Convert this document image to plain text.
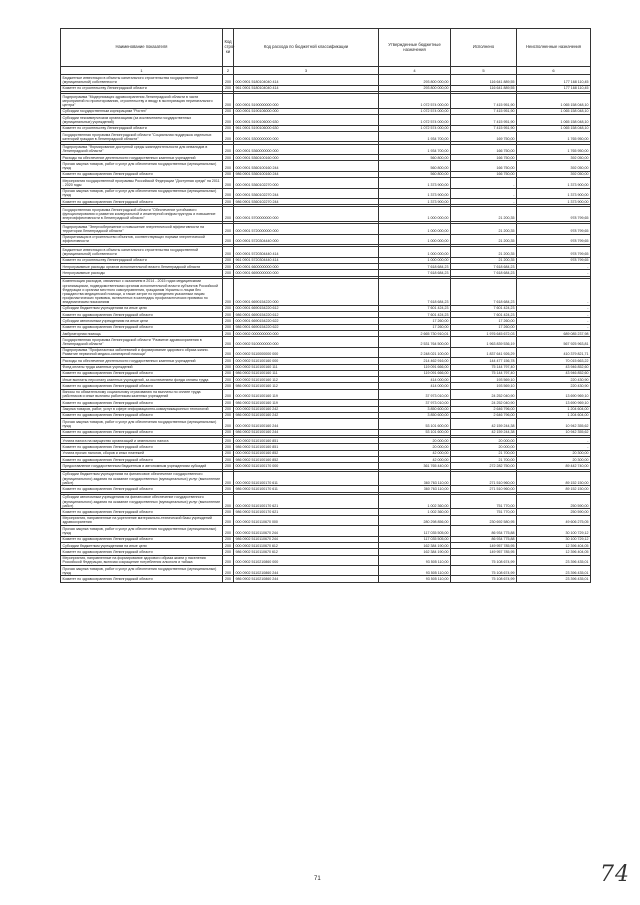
Наименование показателя	Код стро-ки	Код расхода по бюджетной классификации	Утвержденные бюджетные назначения	Исполнено	Неисполненные назначения
1	2	3	4	5	6
Бюджетные инвестиции в объекты капитального строительства государственной (муниципальной) собственности	200	000 0901 5180104040 414	293 800 000,00	116 641 889,55	177 168 110,45
Комитет по строительству Ленинградской области	200	961 0901 5180104040 414	293 800 000,00	116 641 889,55	177 168 110,45

Подпрограмма "Модернизация здравоохранения Ленинградской области в части мероприятий по проектированию, строительству и вводу в эксплуатацию перинатального центра"	200	000 0901 5190000000 000	1 072 574 000,00	7 415 951,90	1 065 158 048,10
Субсидии государственным корпорациям "Ростех"	200	000 0901 5190106000 000	1 072 574 000,00	7 415 951,90	1 065 158 048,10
Субсидии некоммерческим организациям (за исключением государственных (муниципальных) учреждений)	200	000 0901 5190106000 630	1 072 574 000,00	7 415 951,90	1 065 158 048,10
Комитет по строительству Ленинградской области	200	961 0901 5190106000 630	1 072 574 000,00	7 415 951,90	1 065 158 048,10
Государственная программа Ленинградской области "Социальная поддержка отдельных категорий граждан в Ленинградской области"	200	000 0901 5300000000 000	1 934 700,00	169 750,00	1 765 950,00

Подпрограмма "Формирование доступной среды жизнедеятельности для инвалидов в Ленинградской области"	200	000 0901 5360000000 000	1 934 700,00	166 750,00	1 765 950,00
Расходы на обеспечение деятельности государственных казенных учреждений	200	000 0901 5360100160 000	560 800,00	166 750,00	392 050,00
Прочая закупка товаров, работ и услуг для обеспечения государственных (муниципальных) нужд	200	000 0901 5360100160 244	560 800,00	166 750,00	392 050,00
Комитет по здравоохранению Ленинградской области	200	986 0901 5360100160 244	560 800,00	166 750,00	392 050,00
Мероприятия государственной программы Российской Федерации "Доступная среда" на 2011 - 2020 годы	200	000 0901 5360102270 000	1 373 900,00	-	1 373 900,00
Прочая закупка товаров, работ и услуг для обеспечения государственных (муниципальных) нужд	200	000 0901 5360102270 244	1 373 900,00	-	1 373 900,00
Комитет по здравоохранению Ленинградской области	200	986 0901 5360102270 244	1 373 900,00	-	1 373 900,00

Государственная программа Ленинградской области "Обеспечение устойчивого функционирования и развития коммунальной и инженерной инфраструктуры и повышение энергоэффективности в Ленинградской области"	200	000 0901 5700000000 000	1 000 000,00	21 200,35	978 799,65

Подпрограмма "Энергосбережение и повышение энергетической эффективности на территории Ленинградской области"	200	000 0901 5720000000 000	1 000 000,00	21 200,35	978 799,65
Приоритизация в строительство объектов, соответствующих нормам энергетической эффективности	200	000 0901 5720304440 000	1 000 000,00	21 200,35	978 799,65

Бюджетные инвестиции в объекты капитального строительства государственной (муниципальной) собственности	200	000 0901 5720304440 414	1 000 000,00	21 200,35	978 799,65
Комитет по строительству Ленинградской области	200	961 0901 5720304440 414	1 000 000,00	21 200,35	978 799,65
Непрограммные расходы органов исполнительной власти Ленинградской области	200	000 0901 6600000000 000	7 618 684,23	7 618 684,23	-
Непрограммные расходы	200	000 0901 6690000000 000	7 618 684,23	7 618 684,23	-

Компенсация расходов, связанных с оказанием в 2014 - 2015 годах медицинскими организациями, подведомственными органам исполнительной власти субъектов Российской Федерации и органам местного самоуправления, гражданам Украины и лицам без гражданства медицинской помощи, а также затрат по проведению указанным лицам профилактических прививок, включенных в календарь профилактических прививок по эпидемическим показаниям	200	000 0901 6690154220 000	7 618 684,23	7 618 684,23	-
Субсидии бюджетным учреждениям на иные цели	200	000 0901 6690154220 612	7 601 424,23	7 601 424,23	-
Комитет по здравоохранению Ленинградской области	200	986 0901 6690154220 612	7 601 424,23	7 601 424,23	-
Субсидии автономным учреждениям на иные цели	200	000 0901 6690154220 622	17 260,00	17 260,00	-
Комитет по здравоохранению Ленинградской области	200	986 0901 6690154220 622	17 260,00	17 260,00	-
Амбулаторная помощь	200	000 0902 0000000000 000	2 665 730 910,01	1 976 645 672,03	689 085 237,98
Государственная программа Ленинградской области "Развитие здравоохранения в Ленинградской области"	200	000 0902 5100000000 000	2 531 764 500,00	1 963 839 536,19	567 925 963,81
Подпрограмма "Профилактика заболеваний и формирование здорового образа жизни. Развитие первичной медико-санитарной помощи"	200	000 0902 5110000000 000	2 248 021 100,00	1 837 641 926,29	410 379 821,71
Расходы на обеспечение деятельности государственных казенных учреждений	200	000 0902 5110100160 000	214 462 916,00	144 477 156,78	70 015 663,22
Фонд оплаты труда казенных учреждений	200	000 0902 5110100160 111	119 091 666,00	75 144 797,40	43 946 852,60
Комитет по здравоохранению Ленинградской области	200	986 0902 5110100160 111	119 091 666,00	75 144 797,40	43 946 852,60
Иные выплаты персоналу казенных учреждений, за исключением фонда оплаты труда	200	000 0902 5110100160 112	414 000,00	193 569,10	220 430,90
Комитет по здравоохранению Ленинградской области	200	986 0902 5110100160 112	414 000,00	193 569,10	220 430,90
Взносы по обязательному социальному страхованию на выплаты по оплате труда работников и иные выплаты работникам казенных учреждений	200	000 0902 5110100160 119	37 973 010,00	24 252 040,90	13 690 969,10
Комитет по здравоохранению Ленинградской области	200	986 0902 5110100160 119	37 973 010,00	24 252 040,90	13 690 969,10
Закупка товаров, работ, услуг в сфере информационно-коммуникационных технологий	200	000 0902 5110100160 242	3 850 600,00	2 646 796,00	1 204 604,00
Комитет по здравоохранению Ленинградской области	200	986 0902 5110100160 242	3 850 600,00	2 646 796,00	1 204 604,00
Прочая закупка товаров, работ и услуг для обеспечения государственных (муниципальных) нужд	200	000 0902 5110100160 244	53 101 600,00	42 159 244,38	10 942 355,62
Комитет по здравоохранению Ленинградской области	200	986 0902 5110100160 244	53 101 600,00	42 159 244,38	10 942 355,62

Уплата налога на имущество организаций и земельного налога	200	000 0902 5110100160 851	20 000,00	20 000,00	-
Комитет по здравоохранению Ленинградской области	200	986 0902 5110100160 851	20 000,00	20 000,00	-
Уплата прочих налогов, сборов и иных платежей	200	000 0902 5110100160 852	42 000,00	21 700,00	20 300,00
Комитет по здравоохранению Ленинградской области	200	986 0902 5110100160 852	42 000,00	21 700,00	20 300,00
Предоставление государственным бюджетным и автономным учреждениям субсидий	200	000 0902 5110100170 000	361 765 440,00	272 282 750,00	89 442 740,00

Субсидии бюджетным учреждениям на финансовое обеспечение государственного (муниципального) задания на оказание государственных (муниципальных) услуг (выполнение работ)	200	000 0902 5110100170 611	360 763 110,00	271 510 960,00	89 152 150,00
Комитет по здравоохранению Ленинградской области	200	986 0902 5110100170 611	360 763 110,00	271 510 960,00	89 152 150,00

Субсидии автономным учреждениям на финансовое обеспечение государственного (муниципального) задания на оказание государственных (муниципальных) услуг (выполнение работ)	200	000 0902 5110100170 621	1 002 360,00	751 770,00	250 590,00
Комитет по здравоохранению Ленинградской области	200	986 0902 5110100170 621	1 002 360,00	751 770,00	250 590,00
Мероприятия, направленные на укрепление материально-технической базы учреждений здравоохранения	200	000 0902 5110110670 000	280 298 856,00	230 692 580,95	49 606 275,05
Прочая закупка товаров, работ и услуг для обеспечения государственных (муниципальных) нужд	200	000 0902 5110110670 244	117 035 505,00	86 934 775,88	30 100 729,12
Комитет по здравоохранению Ленинградской области	200	986 0902 5110110670 244	117 035 505,00	86 934 775,88	30 100 729,12
Субсидии бюджетным учреждениям на иные цели	200	000 0902 5110110670 612	162 384 190,00	149 957 785,95	12 396 404,05
Комитет по здравоохранению Ленинградской области	200	986 0902 5110110670 612	162 384 190,00	149 957 785,95	12 396 404,05
Мероприятия, направленные на формирование здорового образа жизни у населения Российской Федерации, включая сокращение потребления алкоголя и табака	200	000 0902 5110210860 000	93 505 110,00	75 108 674,99	23 396 435,01
Прочая закупка товаров, работ и услуг для обеспечения государственных (муниципальных) нужд	200	000 0902 5110210860 244	93 505 110,00	75 108 674,99	23 396 435,01
Комитет по здравоохранению Ленинградской области	200	986 0902 5110210860 244	93 505 110,00	75 108 674,99	23 396 435,01
71	74
